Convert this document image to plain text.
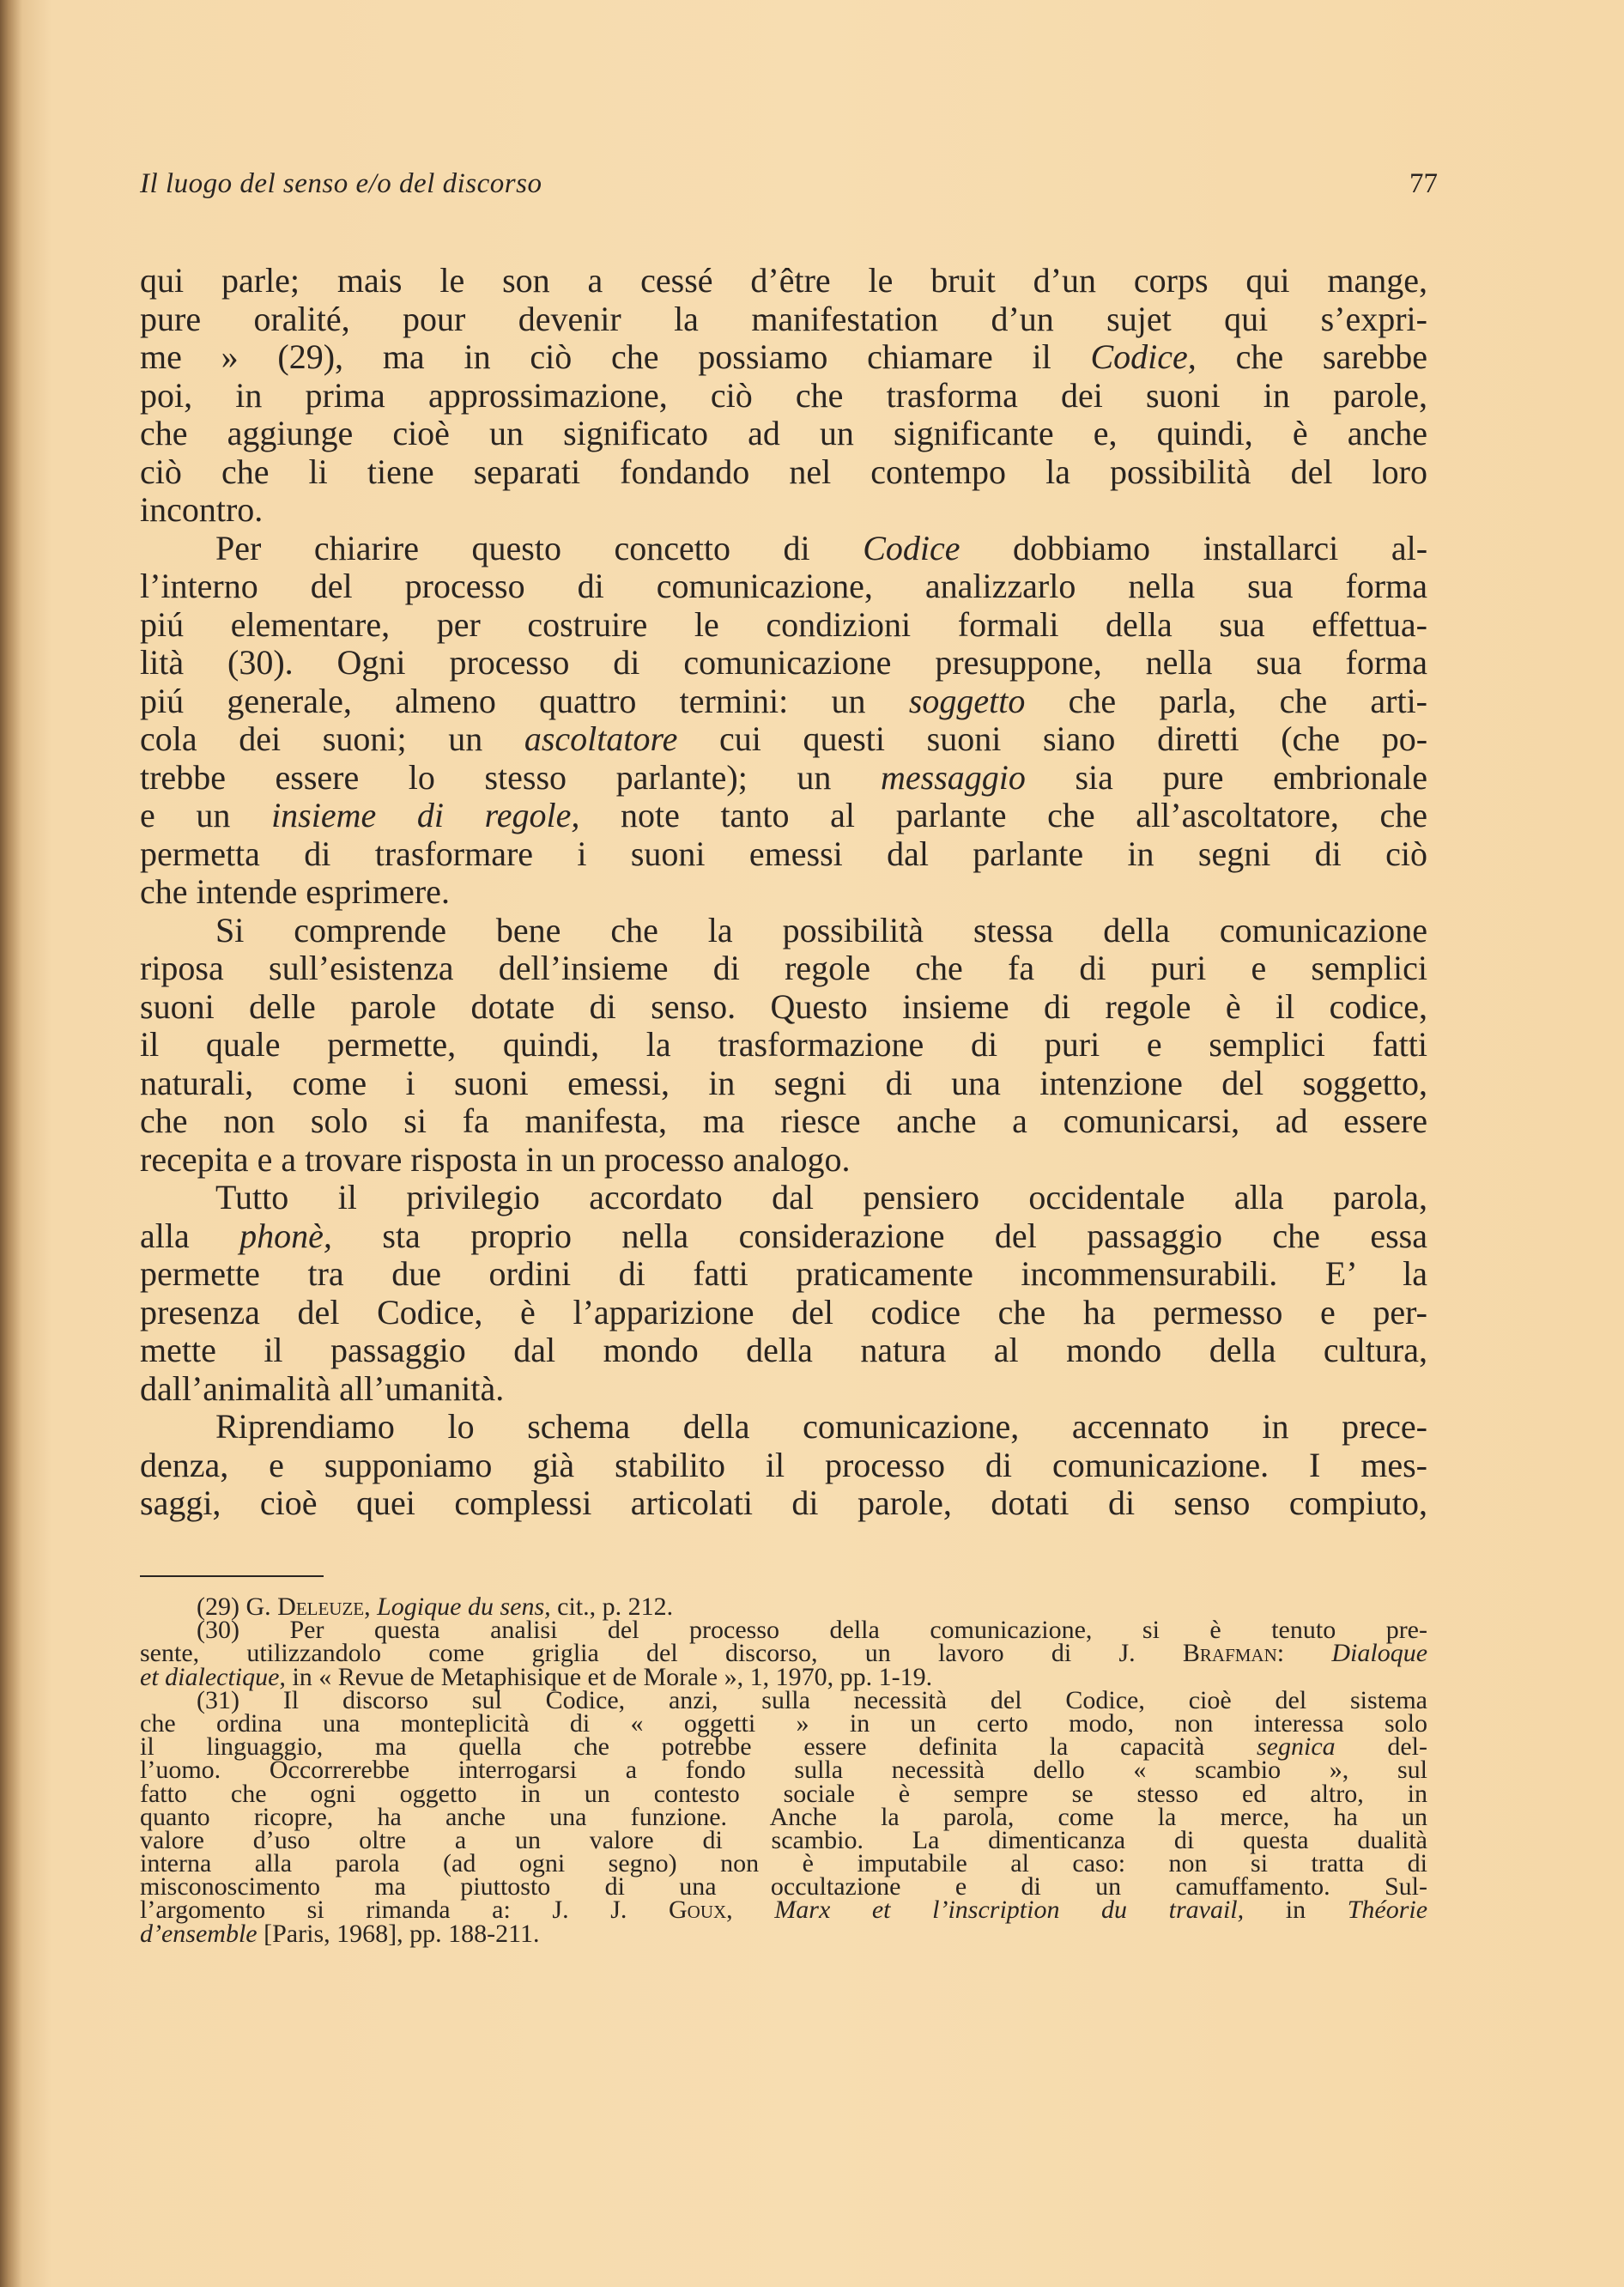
Il luogo del senso e/o del discorso	77
qui parle; mais le son a cessé d’être le bruit d’un corps qui mange,
pure oralité, pour devenir la manifestation d’un sujet qui s’expri-
me » (29), ma in ciò che possiamo chiamare il Codice, che sarebbe
poi, in prima approssimazione, ciò che trasforma dei suoni in parole,
che aggiunge cioè un significato ad un significante e, quindi, è anche
ciò che li tiene separati fondando nel contempo la possibilità del loro
incontro.
Per chiarire questo concetto di Codice dobbiamo installarci al-
l’interno del processo di comunicazione, analizzarlo nella sua forma
piú elementare, per costruire le condizioni formali della sua effettua-
lità (30). Ogni processo di comunicazione presuppone, nella sua forma
piú generale, almeno quattro termini: un soggetto che parla, che arti-
cola dei suoni; un ascoltatore cui questi suoni siano diretti (che po-
trebbe essere lo stesso parlante); un messaggio sia pure embrionale
e un insieme di regole, note tanto al parlante che all’ascoltatore, che
permetta di trasformare i suoni emessi dal parlante in segni di ciò
che intende esprimere.
Si comprende bene che la possibilità stessa della comunicazione
riposa sull’esistenza dell’insieme di regole che fa di puri e semplici
suoni delle parole dotate di senso. Questo insieme di regole è il codice,
il quale permette, quindi, la trasformazione di puri e semplici fatti
naturali, come i suoni emessi, in segni di una intenzione del soggetto,
che non solo si fa manifesta, ma riesce anche a comunicarsi, ad essere
recepita e a trovare risposta in un processo analogo.
Tutto il privilegio accordato dal pensiero occidentale alla parola,
alla phonè, sta proprio nella considerazione del passaggio che essa
permette tra due ordini di fatti praticamente incommensurabili. E’ la
presenza del Codice, è l’apparizione del codice che ha permesso e per-
mette il passaggio dal mondo della natura al mondo della cultura,
dall’animalità all’umanità.
Riprendiamo lo schema della comunicazione, accennato in prece-
denza, e supponiamo già stabilito il processo di comunicazione. I mes-
saggi, cioè quei complessi articolati di parole, dotati di senso compiuto,
(29) G. Deleuze, Logique du sens, cit., p. 212.
(30) Per questa analisi del processo della comunicazione, si è tenuto pre-
sente, utilizzandolo come griglia del discorso, un lavoro di J. Brafman: Dialoque
et dialectique, in « Revue de Metaphisique et de Morale », 1, 1970, pp. 1-19.
(31) Il discorso sul Codice, anzi, sulla necessità del Codice, cioè del sistema
che ordina una monteplicità di « oggetti » in un certo modo, non interessa solo
il linguaggio, ma quella che potrebbe essere definita la capacità segnica del-
l’uomo. Occorrerebbe interrogarsi a fondo sulla necessità dello « scambio », sul
fatto che ogni oggetto in un contesto sociale è sempre se stesso ed altro, in
quanto ricopre, ha anche una funzione. Anche la parola, come la merce, ha un
valore d’uso oltre a un valore di scambio. La dimenticanza di questa dualità
interna alla parola (ad ogni segno) non è imputabile al caso: non si tratta di
misconoscimento ma piuttosto di una occultazione e di un camuffamento. Sul-
l’argomento si rimanda a: J. J. Goux, Marx et l’inscription du travail, in Théorie
d’ensemble [Paris, 1968], pp. 188-211.
